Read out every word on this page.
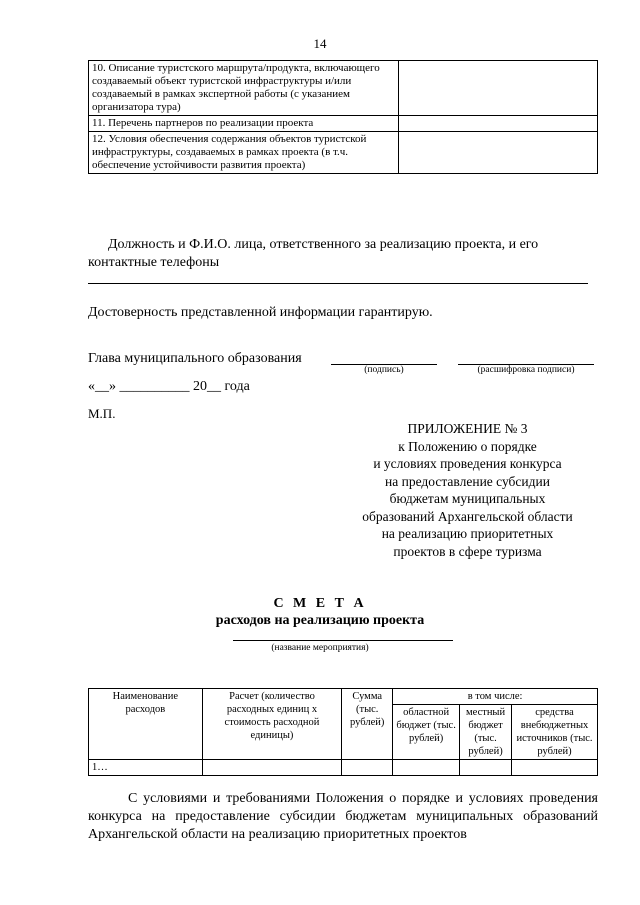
14
10. Описание туристского маршрута/продукта, включающего создаваемый объект туристской инфраструктуры и/или создаваемый в рамках экспертной работы (с указанием организатора тура)	
11. Перечень партнеров по реализации проекта	
12. Условия обеспечения содержания объектов туристской инфраструктуры, создаваемых в рамках проекта (в т.ч. обеспечение устойчивости развития проекта)	
Должность и Ф.И.О. лица, ответственного за реализацию проекта, и его
контактные телефоны
Достоверность представленной информации гарантирую.
Глава муниципального образования
(подпись)	(расшифровка подписи)
«__» __________ 20__ года
М.П.
ПРИЛОЖЕНИЕ № 3
к Положению о порядке
и условиях проведения конкурса
на предоставление субсидии
бюджетам муниципальных
образований Архангельской области
на реализацию приоритетных
проектов в сфере туризма
С М Е Т А
расходов на реализацию проекта
(название мероприятия)
Наименование расходов	Расчет (количество расходных единиц х стоимость расходной единицы)	Сумма (тыс. рублей)	в том числе:		
			областной бюджет (тыс. рублей)	местный бюджет (тыс. рублей)	средства внебюджетных источников (тыс. рублей)
1…					
С условиями и требованиями Положения о порядке и условиях проведения конкурса на предоставление субсидии бюджетам муниципальных образований Архангельской области на реализацию приоритетных проектов
